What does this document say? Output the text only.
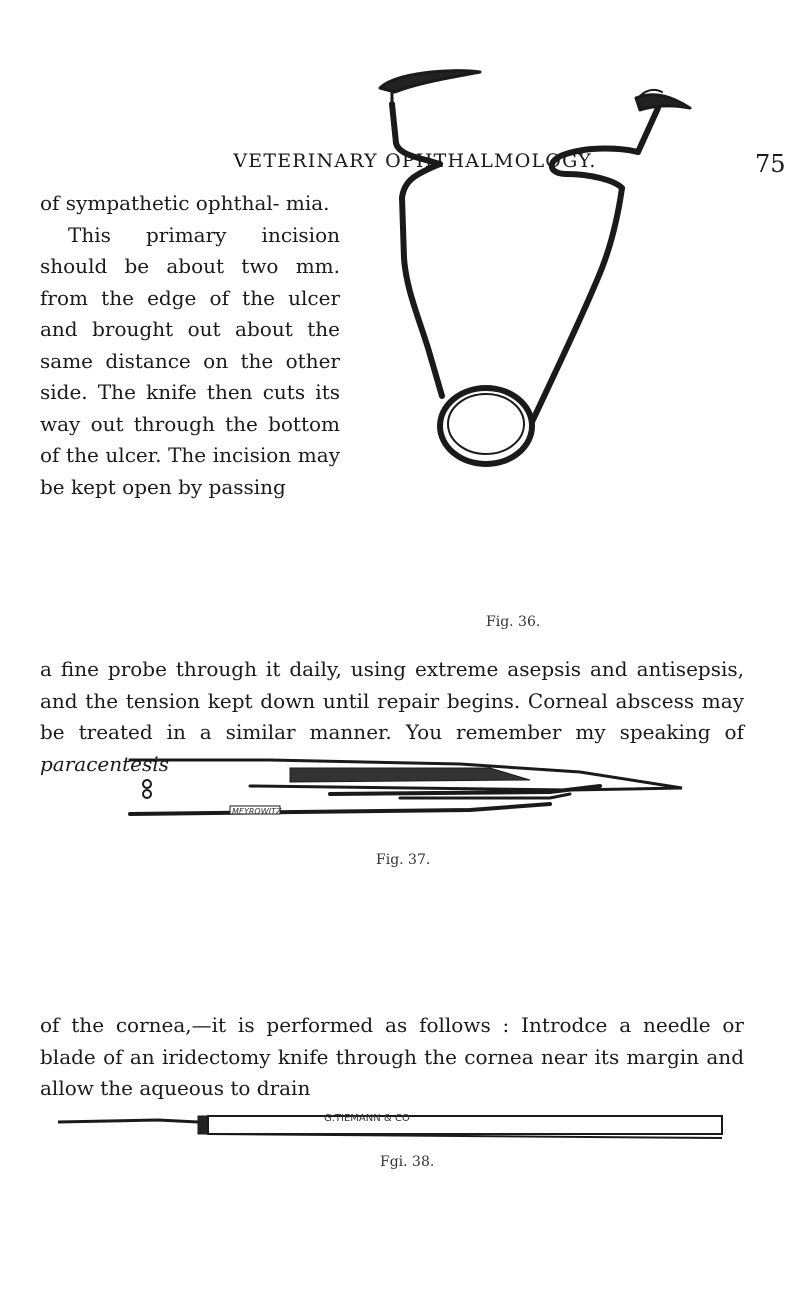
VETERINARY OPHTHALMOLOGY.	75

of sympathetic ophthal- mia.

This primary incision should be about two mm. from the edge of the ulcer and brought out about the same distance on the other side. The knife then cuts its way out through the bottom of the ulcer. The incision may be kept open by passing

Fig. 36.

a fine probe through it daily, using extreme asepsis and antisepsis, and the tension kept down until repair begins. Corneal abscess may be treated in a similar manner. You remember my speaking of paracentesis

MEYROWITZ
Fig. 37.

of the cornea,—it is performed as follows : Introdce a needle or blade of an iridectomy knife through the cornea near its margin and allow the aqueous to drain

G.TIEMANN & CO
Fgi. 38.
